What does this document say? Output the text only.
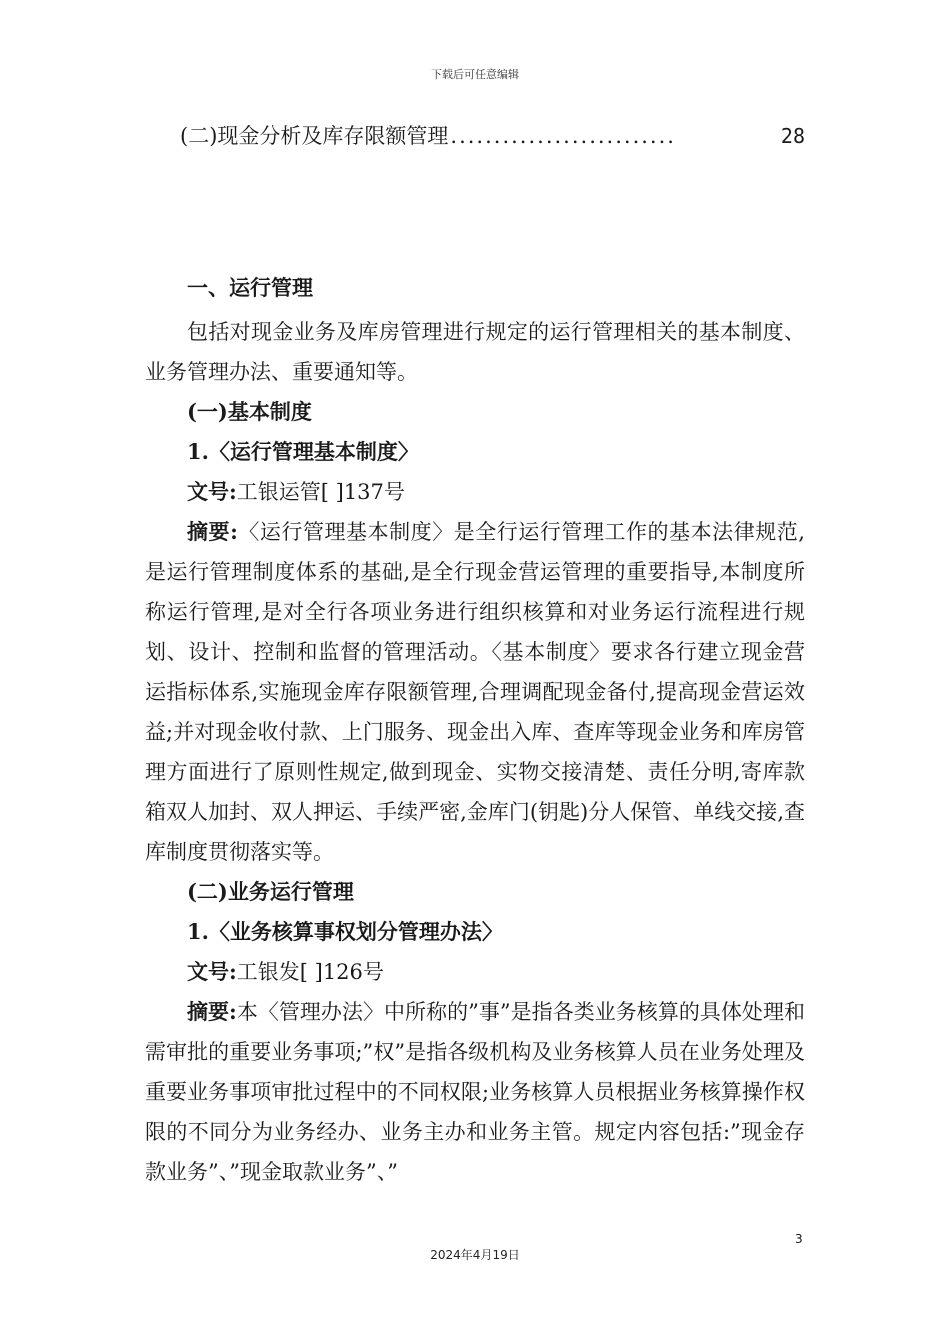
下载后可任意编辑
(二)现金分析及库存限额管理 ..........................	28

一、运行管理

包括对现金业务及库房管理进行规定的运行管理相关的基本制度、业务管理办法、重要通知等。

(一)基本制度

1.〈运行管理基本制度〉

文号:工银运管[ ]137号

摘要:〈运行管理基本制度〉是全行运行管理工作的基本法律规范,是运行管理制度体系的基础,是全行现金营运管理的重要指导,本制度所称运行管理,是对全行各项业务进行组织核算和对业务运行流程进行规划、设计、控制和监督的管理活动。〈基本制度〉要求各行建立现金营运指标体系,实施现金库存限额管理,合理调配现金备付,提高现金营运效益;并对现金收付款、上门服务、现金出入库、查库等现金业务和库房管理方面进行了原则性规定,做到现金、实物交接清楚、责任分明,寄库款箱双人加封、双人押运、手续严密,金库门(钥匙)分人保管、单线交接,查库制度贯彻落实等。

(二)业务运行管理

1.〈业务核算事权划分管理办法〉

文号:工银发[ ]126号

摘要:本〈管理办法〉中所称的”事”是指各类业务核算的具体处理和需审批的重要业务事项;”权”是指各级机构及业务核算人员在业务处理及重要业务事项审批过程中的不同权限;业务核算人员根据业务核算操作权限的不同分为业务经办、业务主办和业务主管。规定内容包括:”现金存款业务”、”现金取款业务”、”

3
2024年4月19日
